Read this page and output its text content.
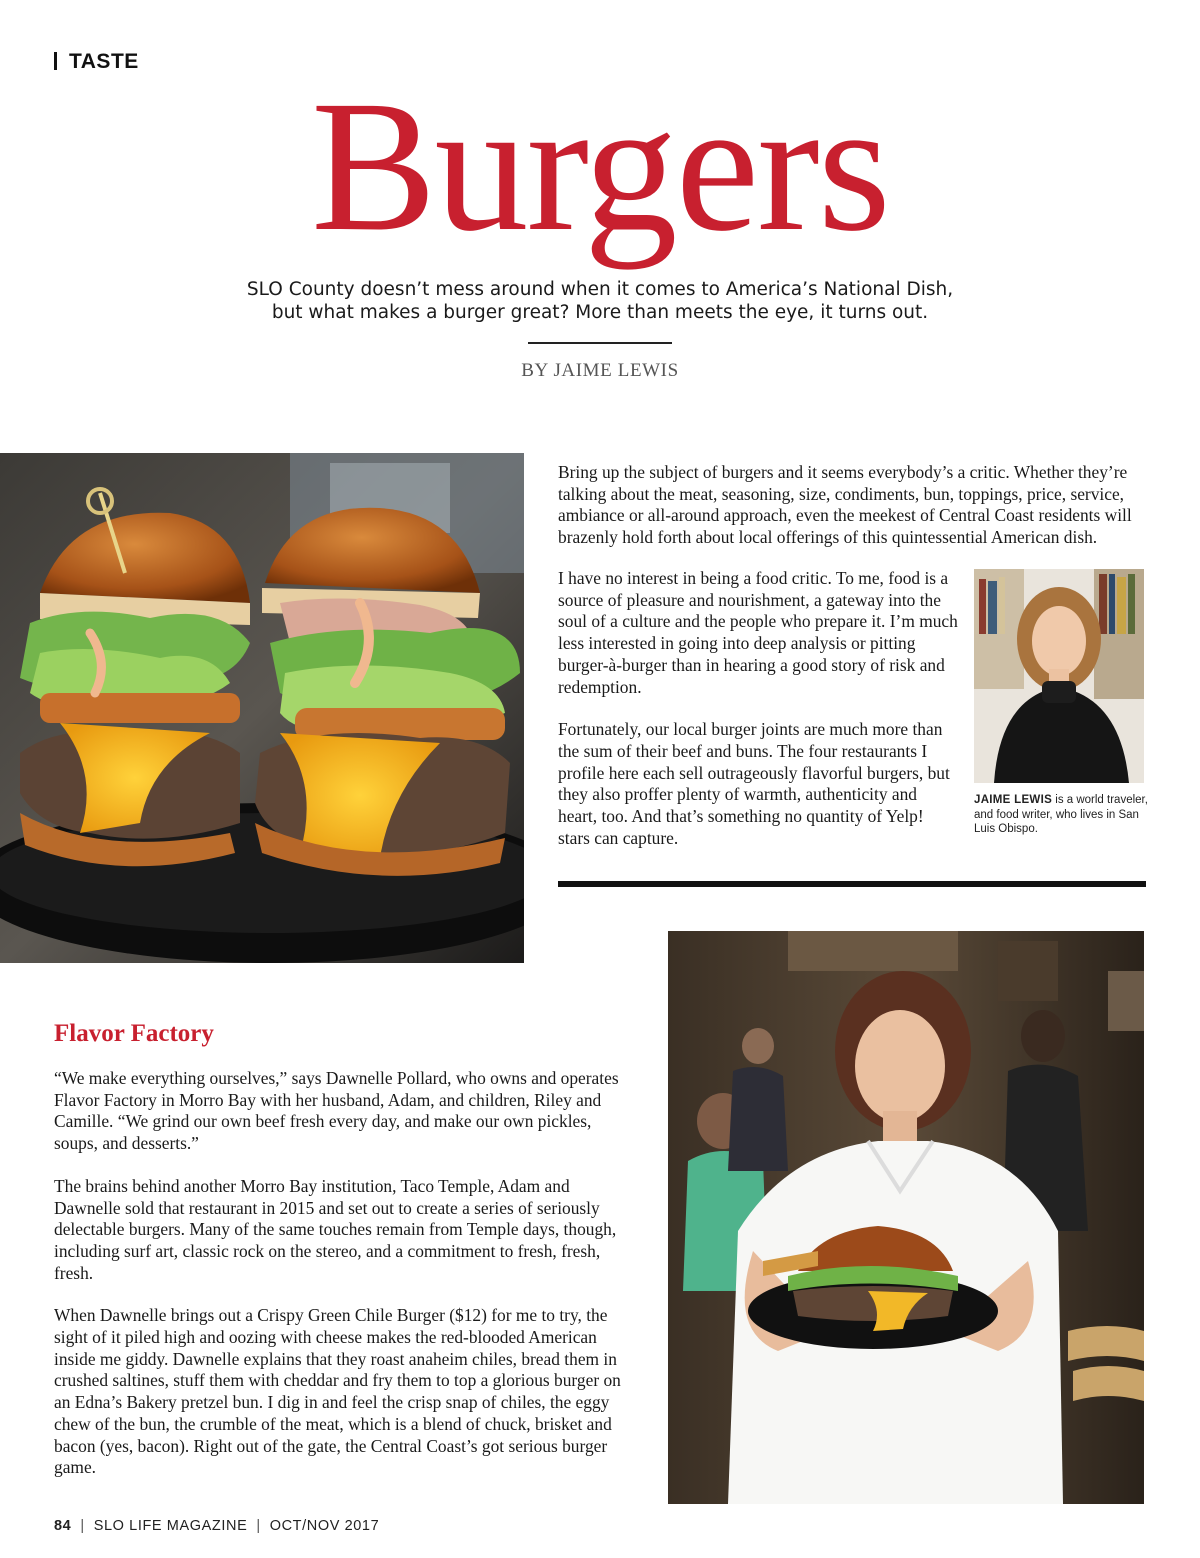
TASTE Burgers
SLO County doesn’t mess around when it comes to America’s National Dish,
but what makes a burger great? More than meets the eye, it turns out.
BY JAIME LEWIS
Bring up the subject of burgers and it seems everybody’s a critic. Whether they’re talking about the meat, seasoning, size, condiments, bun, toppings, price, service, ambiance or all-around approach, even the meekest of Central Coast residents will brazenly hold forth about local offerings of this quintessential American dish.

I have no interest in being a food critic. To me, food is a source of pleasure and nourishment, a gateway into the soul of a culture and the people who prepare it. I’m much less interested in going into deep analysis or pitting burger-à-burger than in hearing a good story of risk and redemption.

Fortunately, our local burger joints are much more than the sum of their beef and buns. The four restaurants I profile here each sell outrageously flavorful burgers, but they also proffer plenty of warmth, authenticity and heart, too. And that’s something no quantity of Yelp! stars can capture.

JAIME LEWIS is a world traveler, and food writer, who lives in San Luis Obispo.
Flavor Factory

“We make everything ourselves,” says Dawnelle Pollard, who owns and operates Flavor Factory in Morro Bay with her husband, Adam, and children, Riley and Camille. “We grind our own beef fresh every day, and make our own pickles, soups, and desserts.”

The brains behind another Morro Bay institution, Taco Temple, Adam and Dawnelle sold that restaurant in 2015 and set out to create a series of seriously delectable burgers. Many of the same touches remain from Temple days, though, including surf art, classic rock on the stereo, and a commitment to fresh, fresh, fresh.

When Dawnelle brings out a Crispy Green Chile Burger ($12) for me to try, the sight of it piled high and oozing with cheese makes the red-blooded American inside me giddy. Dawnelle explains that they roast anaheim chiles, bread them in crushed saltines, stuff them with cheddar and fry them to top a glorious burger on an Edna’s Bakery pretzel bun. I dig in and feel the crisp snap of chiles, the eggy chew of the bun, the crumble of the meat, which is a blend of chuck, brisket and bacon (yes, bacon). Right out of the gate, the Central Coast’s got serious burger game.

84 | SLO LIFE MAGAZINE | OCT/NOV 2017
